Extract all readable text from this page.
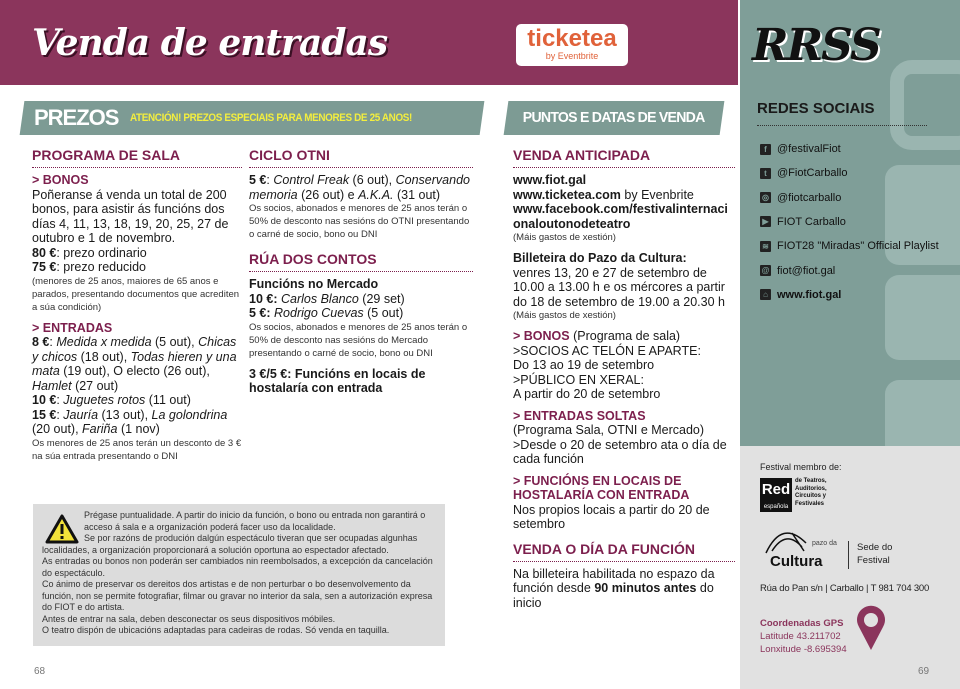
Venda de entradas	ticketea
by Eventbrite
PREZOS ATENCIÓN! PREZOS ESPECIAIS PARA MENORES DE 25 ANOS!	PUNTOS E DATAS DE VENDA
PROGRAMA DE SALA
> BONOS

Poñeranse á venda un total de 200 bonos, para asistir ás funcións dos días 4, 11, 13, 18, 19, 20, 25, 27 de outubro e 1 de novembro.

80 €: prezo ordinario

75 €: prezo reducido

(menores de 25 anos, maiores de 65 anos e parados, presentando documentos que acrediten a súa condición)

> ENTRADAS

8 €: Medida x medida (5 out), Chicas y chicos (18 out), Todas hieren y una mata (19 out), O electo (26 out), Hamlet (27 out)

10 €: Juguetes rotos (11 out)

15 €: Jauría (13 out), La golondrina (20 out), Fariña (1 nov)

Os menores de 25 anos terán un desconto de 3 € na súa entrada presentando o DNI

CICLO OTNI

5 €: Control Freak (6 out), Conservando memoria (26 out) e A.K.A. (31 out)

Os socios, abonados e menores de 25 anos terán o 50% de desconto nas sesións do OTNI presentando o carné de socio, bono ou DNI

RÚA DOS CONTOS

Funcións no Mercado

10 €: Carlos Blanco (29 set)

5 €: Rodrigo Cuevas (5 out)

Os socios, abonados e menores de 25 anos terán o 50% de desconto nas sesións do Mercado presentando o carné de socio, bono ou DNI

3 €/5 €: Funcións en locais de hostalaría con entrada

VENDA ANTICIPADA

www.fiot.gal

www.ticketea.com by Evenbrite

www.facebook.com/festivalinternacionaloutonodeteatro

(Máis gastos de xestión)

Billeteira do Pazo da Cultura:

venres 13, 20 e 27 de setembro de 10.00 a 13.00 h e os mércores a partir do 18 de setembro de 19.00 a 20.30 h

(Máis gastos de xestión)

> BONOS (Programa de sala)

>SOCIOS AC TELÓN E APARTE:

Do 13 ao 19 de setembro

>PÚBLICO EN XERAL:

A partir do 20 de setembro

> ENTRADAS SOLTAS

(Programa Sala, OTNI e Mercado)

>Desde o 20 de setembro ata o día de cada función

> FUNCIÓNS EN LOCAIS DE HOSTALARÍA CON ENTRADA

Nos propios locais a partir do 20 de setembro

VENDA O DÍA DA FUNCIÓN

Na billeteira habilitada no espazo da función desde 90 minutos antes do inicio

Prégase puntualidade. A partir do inicio da función, o bono ou entrada non garantirá o acceso á sala e a organización poderá facer uso da localidade.

Se por razóns de produción dalgún espectáculo tiveran que ser ocupadas algunhas localidades, a organización proporcionará a solución oportuna ao espectador afectado.

As entradas ou bonos non poderán ser cambiados nin reembolsados, a excepción da cancelación do espectáculo.

Co ánimo de preservar os dereitos dos artistas e de non perturbar o bo desenvolvemento da función, non se permite fotografiar, filmar ou gravar no interior da sala, sen a autorización expresa do FIOT e do artista.

Antes de entrar na sala, deben desconectar os seus dispositivos móbiles.

O teatro dispón de ubicacións adaptadas para cadeiras de rodas. Só venda en taquilla.

68
RRSS
REDES SOCIAIS
f @festivalFiot
t @FiotCarballo
◎ @fiotcarballo
▶ FIOT Carballo
≋ FIOT28 "Miradas" Official Playlist
@ fiot@fiot.gal
⌂ www.fiot.gal
Festival membro de:
Red
española
de Teatros, Auditorios, Circuitos y Festivales
pazo da
Cultura
Sede do Festival
Rúa do Pan s/n | Carballo | T 981 704 300
Coordenadas GPS
Latitude 43.211702
Lonxitude -8.695394
69
